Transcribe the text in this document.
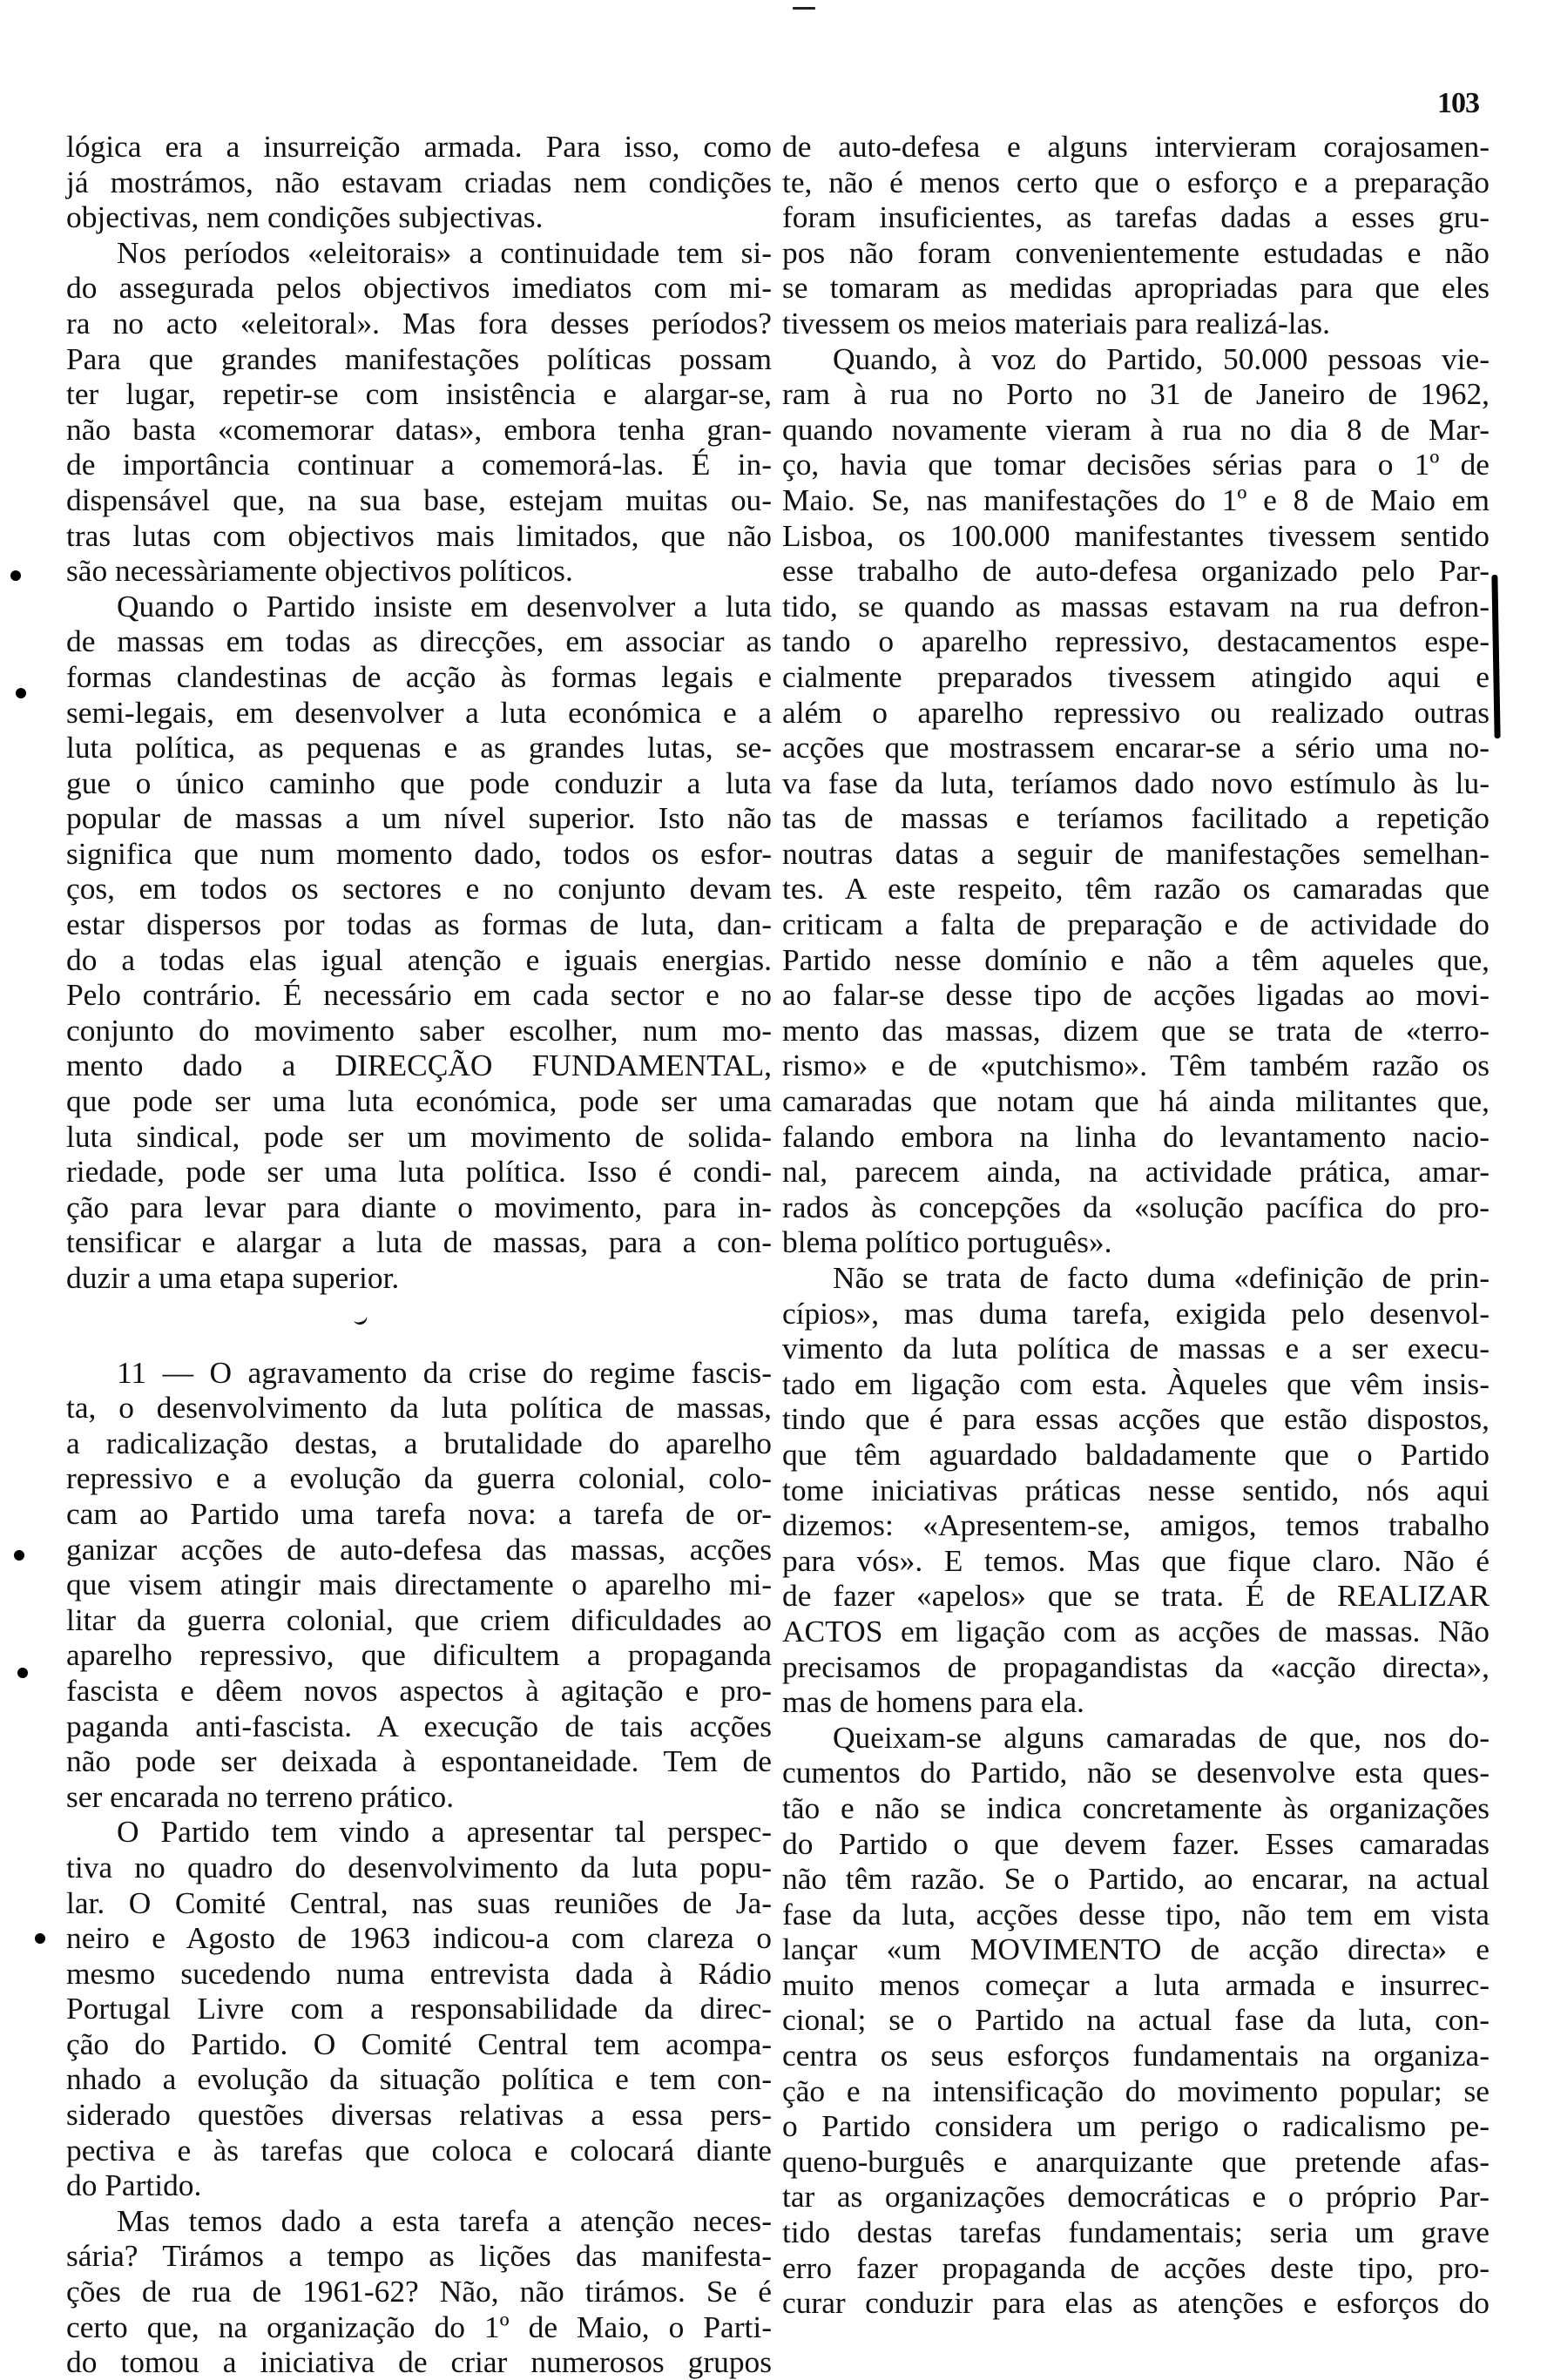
103

lógica era a insurreição armada. Para isso, como
já mostrámos, não estavam criadas nem condições
objectivas, nem condições subjectivas.

Nos períodos «eleitorais» a continuidade tem si-
do assegurada pelos objectivos imediatos com mi-
ra no acto «eleitoral». Mas fora desses períodos?
Para que grandes manifestações políticas possam
ter lugar, repetir-se com insistência e alargar-se,
não basta «comemorar datas», embora tenha gran-
de importância continuar a comemorá-las. É in-
dispensável que, na sua base, estejam muitas ou-
tras lutas com objectivos mais limitados, que não
são necessàriamente objectivos políticos.

Quando o Partido insiste em desenvolver a luta
de massas em todas as direcções, em associar as
formas clandestinas de acção às formas legais e
semi-legais, em desenvolver a luta económica e a
luta política, as pequenas e as grandes lutas, se-
gue o único caminho que pode conduzir a luta
popular de massas a um nível superior. Isto não
significa que num momento dado, todos os esfor-
ços, em todos os sectores e no conjunto devam
estar dispersos por todas as formas de luta, dan-
do a todas elas igual atenção e iguais energias.
Pelo contrário. É necessário em cada sector e no
conjunto do movimento saber escolher, num mo-
mento dado a DIRECÇÃO FUNDAMENTAL,
que pode ser uma luta económica, pode ser uma
luta sindical, pode ser um movimento de solida-
riedade, pode ser uma luta política. Isso é condi-
ção para levar para diante o movimento, para in-
tensificar e alargar a luta de massas, para a con-
duzir a uma etapa superior.

11 — O agravamento da crise do regime fascis-
ta, o desenvolvimento da luta política de massas,
a radicalização destas, a brutalidade do aparelho
repressivo e a evolução da guerra colonial, colo-
cam ao Partido uma tarefa nova: a tarefa de or-
ganizar acções de auto-defesa das massas, acções
que visem atingir mais directamente o aparelho mi-
litar da guerra colonial, que criem dificuldades ao
aparelho repressivo, que dificultem a propaganda
fascista e dêem novos aspectos à agitação e pro-
paganda anti-fascista. A execução de tais acções
não pode ser deixada à espontaneidade. Tem de
ser encarada no terreno prático.

O Partido tem vindo a apresentar tal perspec-
tiva no quadro do desenvolvimento da luta popu-
lar. O Comité Central, nas suas reuniões de Ja-
neiro e Agosto de 1963 indicou-a com clareza o
mesmo sucedendo numa entrevista dada à Rádio
Portugal Livre com a responsabilidade da direc-
ção do Partido. O Comité Central tem acompa-
nhado a evolução da situação política e tem con-
siderado questões diversas relativas a essa pers-
pectiva e às tarefas que coloca e colocará diante
do Partido.

Mas temos dado a esta tarefa a atenção neces-
sária? Tirámos a tempo as lições das manifesta-
ções de rua de 1961-62? Não, não tirámos. Se é
certo que, na organização do 1º de Maio, o Parti-
do tomou a iniciativa de criar numerosos grupos

de auto-defesa e alguns intervieram corajosamen-
te, não é menos certo que o esforço e a preparação
foram insuficientes, as tarefas dadas a esses gru-
pos não foram convenientemente estudadas e não
se tomaram as medidas apropriadas para que eles
tivessem os meios materiais para realizá-las.

Quando, à voz do Partido, 50.000 pessoas vie-
ram à rua no Porto no 31 de Janeiro de 1962,
quando novamente vieram à rua no dia 8 de Mar-
ço, havia que tomar decisões sérias para o 1º de
Maio. Se, nas manifestações do 1º e 8 de Maio em
Lisboa, os 100.000 manifestantes tivessem sentido
esse trabalho de auto-defesa organizado pelo Par-
tido, se quando as massas estavam na rua defron-
tando o aparelho repressivo, destacamentos espe-
cialmente preparados tivessem atingido aqui e
além o aparelho repressivo ou realizado outras
acções que mostrassem encarar-se a sério uma no-
va fase da luta, teríamos dado novo estímulo às lu-
tas de massas e teríamos facilitado a repetição
noutras datas a seguir de manifestações semelhan-
tes. A este respeito, têm razão os camaradas que
criticam a falta de preparação e de actividade do
Partido nesse domínio e não a têm aqueles que,
ao falar-se desse tipo de acções ligadas ao movi-
mento das massas, dizem que se trata de «terro-
rismo» e de «putchismo». Têm também razão os
camaradas que notam que há ainda militantes que,
falando embora na linha do levantamento nacio-
nal, parecem ainda, na actividade prática, amar-
rados às concepções da «solução pacífica do pro-
blema político português».

Não se trata de facto duma «definição de prin-
cípios», mas duma tarefa, exigida pelo desenvol-
vimento da luta política de massas e a ser execu-
tado em ligação com esta. Àqueles que vêm insis-
tindo que é para essas acções que estão dispostos,
que têm aguardado baldadamente que o Partido
tome iniciativas práticas nesse sentido, nós aqui
dizemos: «Apresentem-se, amigos, temos trabalho
para vós». E temos. Mas que fique claro. Não é
de fazer «apelos» que se trata. É de REALIZAR
ACTOS em ligação com as acções de massas. Não
precisamos de propagandistas da «acção directa»,
mas de homens para ela.

Queixam-se alguns camaradas de que, nos do-
cumentos do Partido, não se desenvolve esta ques-
tão e não se indica concretamente às organizações
do Partido o que devem fazer. Esses camaradas
não têm razão. Se o Partido, ao encarar, na actual
fase da luta, acções desse tipo, não tem em vista
lançar «um MOVIMENTO de acção directa» e
muito menos começar a luta armada e insurrec-
cional; se o Partido na actual fase da luta, con-
centra os seus esforços fundamentais na organiza-
ção e na intensificação do movimento popular; se
o Partido considera um perigo o radicalismo pe-
queno-burguês e anarquizante que pretende afas-
tar as organizações democráticas e o próprio Par-
tido destas tarefas fundamentais; seria um grave
erro fazer propaganda de acções deste tipo, pro-
curar conduzir para elas as atenções e esforços do
